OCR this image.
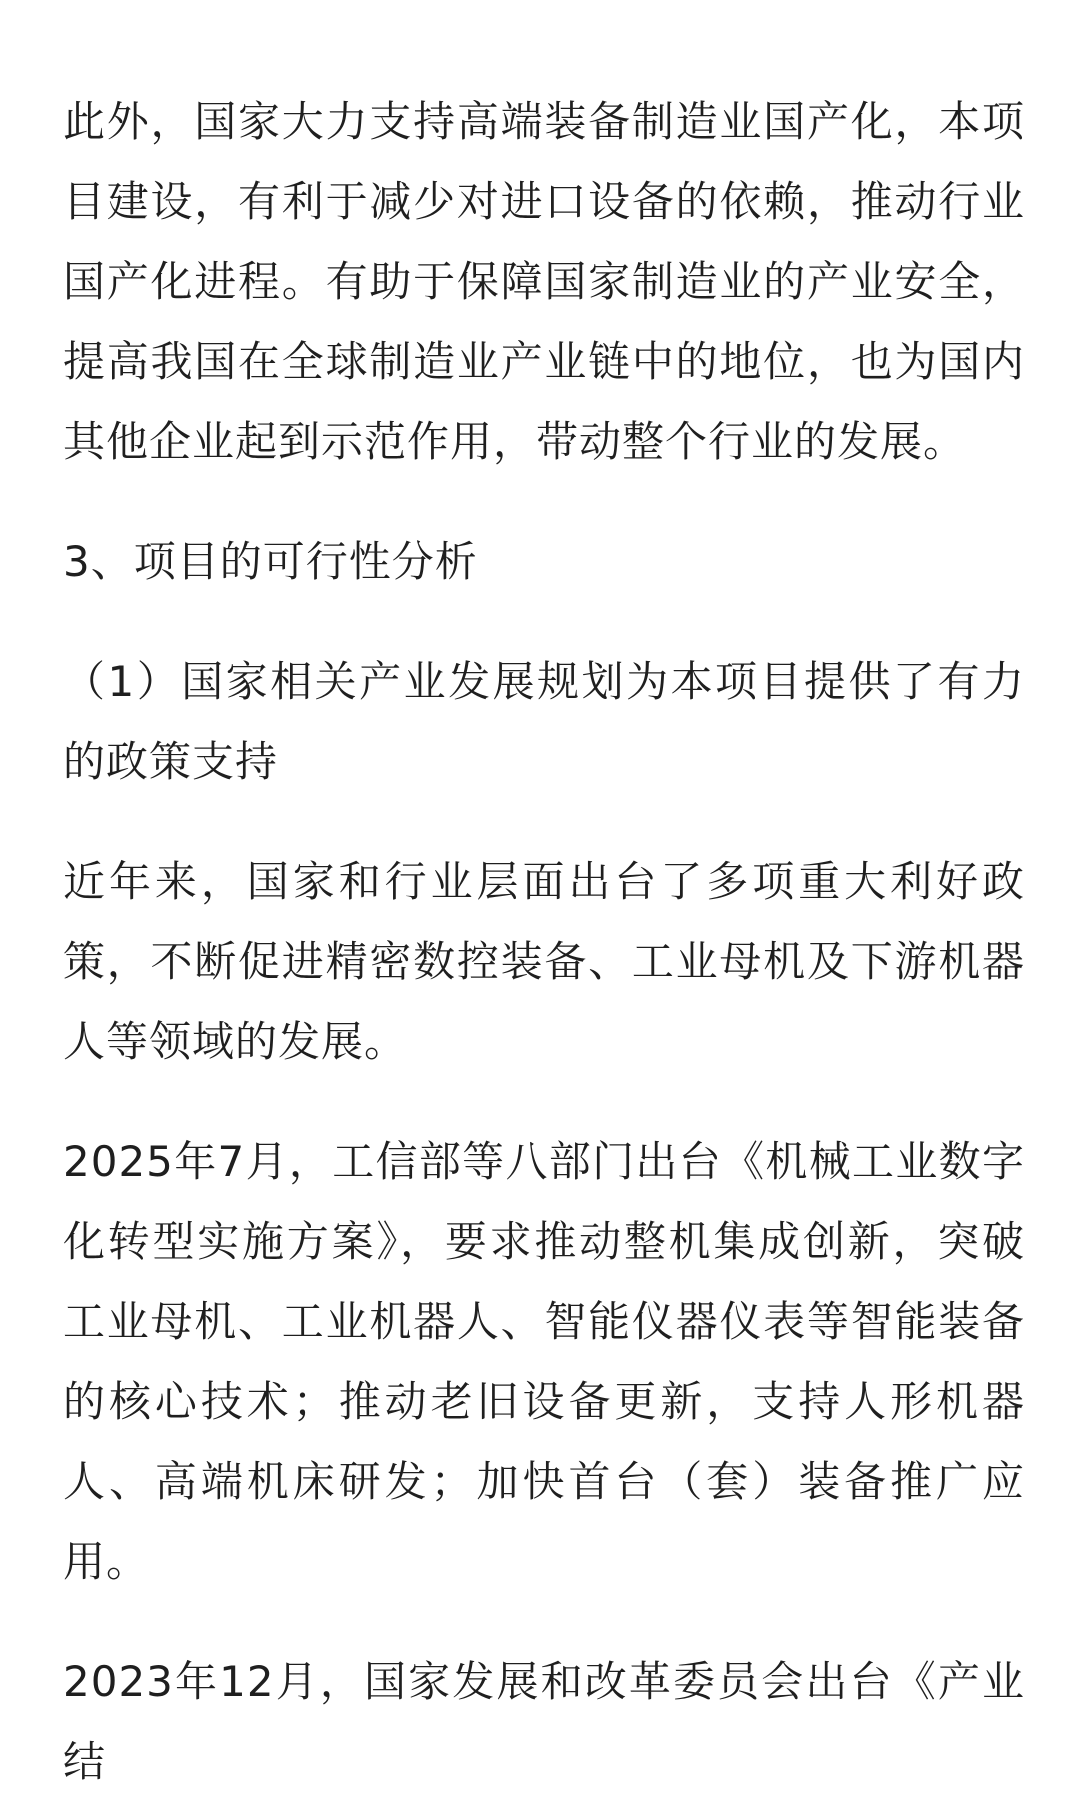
此外，国家大力支持高端装备制造业国产化，本项目建设，有利于减少对进口设备的依赖，推动行业国产化进程。有助于保障国家制造业的产业安全，提高我国在全球制造业产业链中的地位，也为国内其他企业起到示范作用，带动整个行业的发展。

3、项目的可行性分析

（1）国家相关产业发展规划为本项目提供了有力的政策支持

近年来，国家和行业层面出台了多项重大利好政策，不断促进精密数控装备、工业母机及下游机器人等领域的发展。

2025年7月，工信部等八部门出台《机械工业数字化转型实施方案》，要求推动整机集成创新，突破工业母机、工业机器人、智能仪器仪表等智能装备的核心技术；推动老旧设备更新，支持人形机器人、高端机床研发；加快首台（套）装备推广应用。

2023年12月，国家发展和改革委员会出台《产业结
